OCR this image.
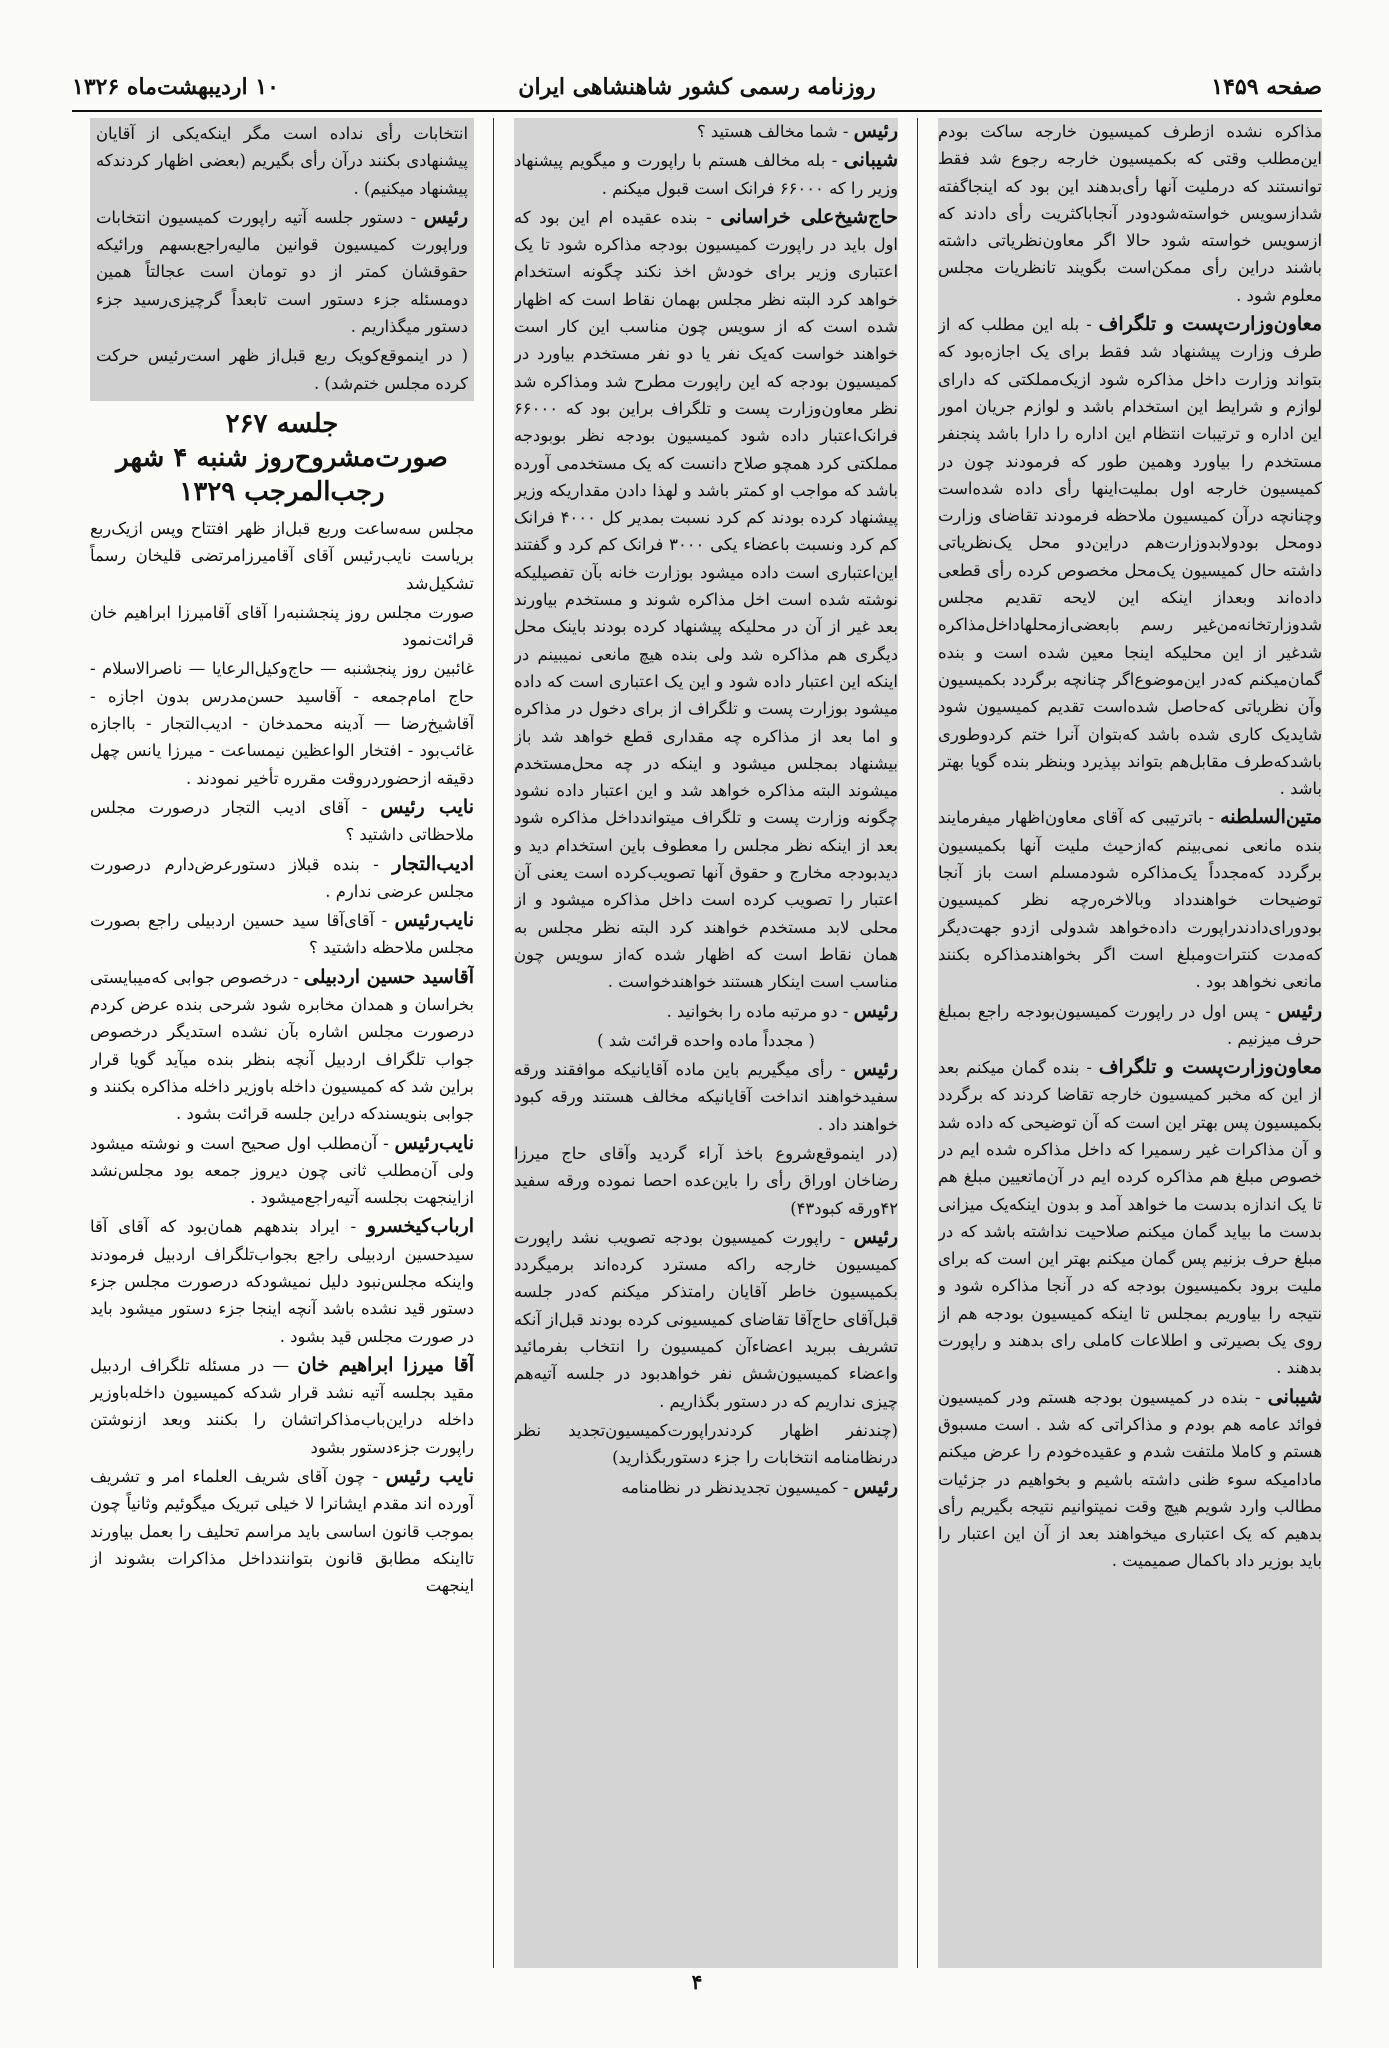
صفحه ۱۴۵۹
روزنامه رسمی کشور شاهنشاهی ایران
۱۰ اردیبهشت‌ماه ۱۳۲۶

مذاکره نشده ازطرف کمیسیون خارجه ساکت بودم این‌مطلب وقتی که بکمیسیون خارجه رجوع شد فقط توانستند که درملیت آنها رأی‌بدهند این بود که اینجاگفته شدازسویس خواسته‌شودودر آنجاباکثریت رأی دادند که ازسویس خواسته شود حالا اگر معاون‌نظریاتی داشته باشند دراین رأی ممکن‌است بگویند تانظریات مجلس معلوم شود .

معاون‌وزارت‌پست و تلگراف - بله این مطلب که از طرف وزارت پیشنهاد شد فقط برای یک اجازه‌بود که بتواند وزارت داخل مذاکره شود ازیک‌مملکتی که دارای لوازم و شرایط این استخدام باشد و لوازم جریان امور این اداره و ترتیبات انتظام این اداره را دارا باشد پنجنفر مستخدم را بیاورد وهمین طور که فرمودند چون در کمیسیون خارجه اول بملیت‌اینها رأی داده شده‌است وچنانچه درآن کمیسیون ملاحظه فرمودند تقاضای وزارت دومحل بودولابدوزارت‌هم دراین‌دو محل یک‌نظریاتی داشته حال کمیسیون یک‌محل مخصوص کرده رأی قطعی داده‌اند وبعداز اینکه این لایحه تقدیم مجلس شدوزارتخانه‌من‌غیر رسم بابعضی‌ازمحلهاداخل‌مذاکره شدغیر از این محلیکه اینجا معین شده است و بنده گمان‌میکنم که‌در این‌موضوع‌اگر چنانچه برگردد بکمیسیون وآن نظریاتی که‌حاصل شده‌است تقدیم کمیسیون شود شایدیک کاری شده باشد که‌بتوان آنرا ختم کردوطوری باشدکه‌طرف مقابل‌هم بتواند بپذیرد وبنظر بنده گویا بهتر باشد .

متین‌السلطنه - باترتیبی که آقای معاون‌اظهار میفرمایند بنده مانعی نمی‌بینم که‌ازحیث ملیت آنها بکمیسیون برگردد که‌مجدداً یک‌مذاکره شودمسلم است باز آنجا توضیحات خواهندداد وبالاخره‌رچه نظر کمیسیون بودورای‌دادند‌راپورت داده‌خواهد شدولی ازدو جهت‌دیگر که‌مدت کنترات‌ومبلغ است اگر بخواهندمذاکره بکنند مانعی نخواهد بود .

رئیس - پس اول در راپورت کمیسیون‌بودجه راجع بمبلغ حرف میزنیم .

معاون‌وزارت‌پست و تلگراف - بنده گمان میکنم بعد از این که مخبر کمیسیون خارجه تقاضا کردند که برگردد بکمیسیون پس بهتر این است که آن توضیحی که داده شد و آن مذاکرات غیر رسمیرا که داخل مذاکره شده ایم در خصوص مبلغ هم مذاکره کرده ایم در آن‌ماتعیین مبلغ هم تا یک اندازه بدست ما خواهد آمد و بدون اینکه‌یک میزانی بدست ما بیاید گمان میکنم صلاحیت نداشته باشد که در مبلغ حرف بزنیم پس گمان میکنم بهتر این است که برای ملیت برود بکمیسیون بودجه که در آنجا مذاکره شود و نتیجه را بیاوریم بمجلس تا اینکه کمیسیون بودجه هم از روی یک بصیرتی و اطلاعات کاملی رای بدهند و راپورت بدهند .

شیبانی - بنده در کمیسیون بودجه هستم ودر کمیسیون فوائد عامه هم بودم و مذاکراتی که شد . است مسبوق هستم و کاملا ملتفت شدم و عقیده‌خودم را عرض میکنم مادامیکه سوء ظنی داشته باشیم و بخواهیم در جزئیات مطالب وارد شویم هیچ وقت نمیتوانیم نتیجه بگیریم رأی بدهیم که یک اعتباری میخواهند بعد از آن این اعتبار را باید بوزیر داد باکمال صمیمیت .

رئیس - شما مخالف هستید ؟

شیبانی - بله مخالف هستم با راپورت و میگویم پیشنهاد وزیر را که ۶۶۰۰۰ فرانک است قبول میکنم .

حاج‌شیخ‌علی خراسانی - بنده عقیده ام این بود که اول باید در راپورت کمیسیون بودجه مذاکره شود تا یک اعتباری وزیر برای خودش اخذ نکند چگونه استخدام خواهد کرد البته نظر مجلس بهمان نقاط است که اظهار شده است که از سویس چون مناسب این کار است خواهند خواست که‌یک نفر یا دو نفر مستخدم بیاورد در کمیسیون بودجه که این راپورت مطرح شد ومذاکره شد نظر معاون‌وزارت پست و تلگراف براین بود که ۶۶۰۰۰ فرانک‌اعتبار داده شود کمیسیون بودجه نظر بوبودجه مملکتی کرد همچو صلاح دانست که یک مستخدمی آورده باشد که مواجب او کمتر باشد و لهذا دادن مقداریکه وزیر پیشنهاد کرده بودند کم کرد نسبت بمدیر کل ۴۰۰۰ فرانک کم کرد ونسبت باعضاء یکی ۳۰۰۰ فرانک کم کرد و گفتند این‌اعتباری است داده میشود بوزارت خانه بآن تفصیلیکه نوشته شده است اخل مذاکره شوند و مستخدم بیاورند بعد غیر از آن در محلیکه پیشنهاد کرده بودند باینک محل دیگری هم مذاکره شد ولی بنده هیچ مانعی نمیبینم در اینکه این اعتبار داده شود و این یک اعتباری است که داده میشود بوزارت پست و تلگراف از برای دخول در مذاکره و اما بعد از مذاکره چه مقداری قطع خواهد شد باز بیشنهاد بمجلس میشود و اینکه در چه محل‌مستخدم میشوند البته مذاکره خواهد شد و این اعتبار داده نشود چگونه وزارت پست و تلگراف میتواندداخل مذاکره شود بعد از اینکه نظر مجلس را معطوف باین استخدام دید و دیدبودجه مخارج و حقوق آنها تصویب‌کرده است یعنی آن اعتبار را تصویب کرده است داخل مذاکره میشود و از محلی لابد مستخدم خواهند کرد البته نظر مجلس به همان نقاط است که اظهار شده که‌از سویس چون مناسب است اینکار هستند خواهندخواست .

رئیس - دو مرتبه ماده را بخوانید .

( مجدداً ماده واحده قرائت شد )

رئیس - رأی میگیریم باین ماده آقایانیکه موافقند ورقه سفیدخواهند انداخت آقایانیکه مخالف هستند ورقه کبود خواهند داد .

(در اینموقع‌شروع باخذ آراء گردید وآقای حاج میرزا رضاخان اوراق رأی را باین‌عده احصا نموده ورقه سفید ۴۲ورقه کبود۴۳)

رئیس - راپورت کمیسیون بودجه تصویب نشد راپورت کمیسیون خارجه راکه مسترد کرده‌اند برمیگردد بکمیسیون خاطر آقایان رامتذکر میکنم که‌در جلسه قبل‌آقای حاج‌آقا تقاضای کمیسیونی کرده بودند قبل‌از آنکه تشریف ببرید اعضاءآن کمیسیون را انتخاب بفرمائید واعضاء کمیسیون‌شش نفر خواهدبود در جلسه آتیه‌هم چیزی نداریم که در دستور بگذاریم .

(چندنفر اظهار کردندراپورت‌کمیسیون‌تجدید نظر درنظامنامه انتخابات را جزء دستوربگذارید)

رئیس - کمیسیون تجدیدنظر در نظامنامه

انتخابات رأی نداده است مگر اینکه‌یکی از آقایان پیشنهادی بکنند درآن رأی بگیریم (بعضی اظهار کردندکه پیشنهاد میکنیم) .

رئیس - دستور جلسه آتیه راپورت کمیسیون انتخابات وراپورت کمیسیون قوانین مالیه‌راجع‌بسهم ورائیکه حقوقشان کمتر از دو تومان است عجالتاً همین دومسئله جزء دستور است تابعداً گرچیزی‌رسید جزء دستور میگذاریم .

( در اینموقع‌کویک ربع قبل‌از ظهر است‌رئیس حرکت کرده مجلس ختم‌شد) .

جلسه ۲۶۷
صورت‌مشروح‌روز شنبه ۴ شهر
رجب‌المرجب ۱۳۲۹

مجلس سه‌ساعت وربع قبل‌از ظهر افتتاح وپس ازیک‌ربع بریاست نایب‌رئیس آقای آقامیرزامرتضی قلیخان رسماً تشکیل‌شد

صورت مجلس روز پنجشنبه‌را آقای آقامیرزا ابراهیم خان قرائت‌نمود

غائبین روز پنجشنبه — حاج‌وکیل‌الرعایا — ناصرالاسلام - حاج امام‌جمعه - آقاسید حسن‌مدرس بدون اجازه - آقاشیخ‌رضا — آدینه محمدخان - ادیب‌التجار - بااجازه غائب‌بود - افتخار الواعظین نیمساعت - میرزا یانس چهل دقیقه ازحضوردروقت مقرره تأخیر نمودند .

نایب رئیس - آقای ادیب التجار درصورت مجلس ملاحظاتی داشتید ؟

ادیب‌التجار - بنده قبلاز دستورعرض‌دارم درصورت مجلس عرضی ندارم .

نایب‌رئیس - آقای‌آقا سید حسین اردبیلی راجع بصورت مجلس ملاحظه داشتید ؟

آقاسید حسین اردبیلی - درخصوص جوابی که‌میبایستی بخراسان و همدان مخابره شود شرحی بنده عرض کردم درصورت مجلس اشاره بآن نشده استدیگر درخصوص جواب تلگراف اردبیل آنچه بنظر بنده میآید گویا قرار براین شد که کمیسیون داخله باوزیر داخله مذاکره بکنند و جوابی بنویسندکه دراین جلسه قرائت بشود .

نایب‌رئیس - آن‌مطلب اول صحیح است و نوشته میشود ولی آن‌مطلب ثانی چون دیروز جمعه بود مجلس‌نشد ازاینجهت بجلسه آتیه‌راجع‌میشود .

ارباب‌کیخسرو - ایراد بندههم همان‌بود که آقای آقا سیدحسین اردبیلی راجع بجواب‌تلگراف اردبیل فرمودند واینکه مجلس‌نبود دلیل نمیشودکه درصورت مجلس جزء دستور قید نشده باشد آنچه اینجا جزء دستور میشود باید در صورت مجلس قید بشود .

آقا میرزا ابراهیم خان — در مسئله تلگراف اردبیل مقید بجلسه آتیه نشد قرار شدکه کمیسیون داخله‌باوزیر داخله دراین‌باب‌مذاکراتشان را بکنند وبعد ازنوشتن راپورت جزءدستور بشود

نایب رئیس - چون آقای شریف العلماء امر و تشریف آورده اند مقدم ایشانرا لا خیلی تبریک میگوئیم وثانیاً چون بموجب قانون اساسی باید مراسم تحلیف را بعمل بیاورند تااینکه مطابق قانون بتوانندداخل مذاکرات بشوند از اینجهت

۴
